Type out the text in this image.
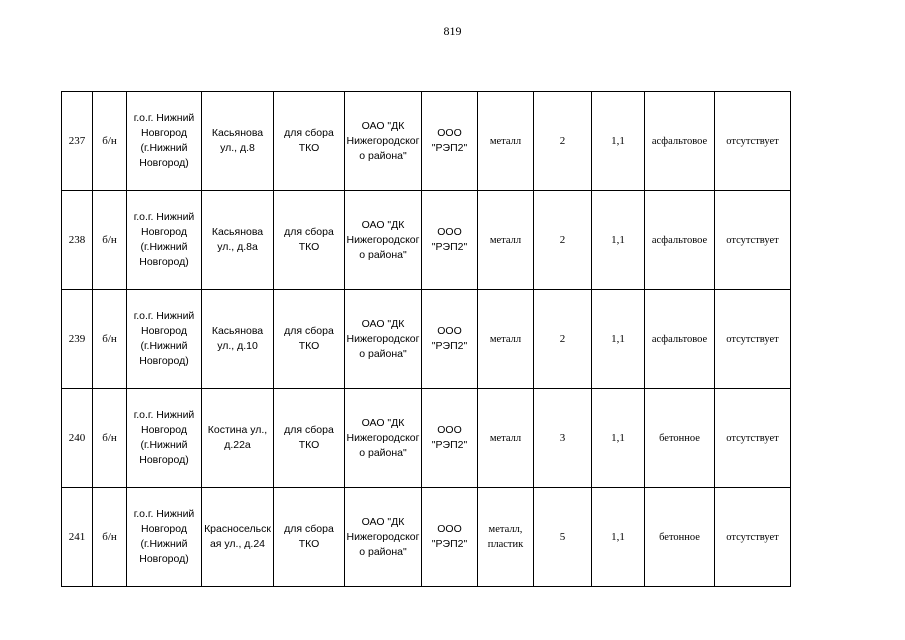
819
237	б/н	г.о.г. Нижний Новгород (г.Нижний Новгород)	Касьянова ул., д.8	для сбора ТКО	ОАО "ДК Нижегородского района"	ООО "РЭП2"	металл	2	1,1	асфальтовое	отсутствует
238	б/н	г.о.г. Нижний Новгород (г.Нижний Новгород)	Касьянова ул., д.8а	для сбора ТКО	ОАО "ДК Нижегородского района"	ООО "РЭП2"	металл	2	1,1	асфальтовое	отсутствует
239	б/н	г.о.г. Нижний Новгород (г.Нижний Новгород)	Касьянова ул., д.10	для сбора ТКО	ОАО "ДК Нижегородского района"	ООО "РЭП2"	металл	2	1,1	асфальтовое	отсутствует
240	б/н	г.о.г. Нижний Новгород (г.Нижний Новгород)	Костина ул., д.22а	для сбора ТКО	ОАО "ДК Нижегородского района"	ООО "РЭП2"	металл	3	1,1	бетонное	отсутствует
241	б/н	г.о.г. Нижний Новгород (г.Нижний Новгород)	Красносельская ул., д.24	для сбора ТКО	ОАО "ДК Нижегородского района"	ООО "РЭП2"	металл, пластик	5	1,1	бетонное	отсутствует
